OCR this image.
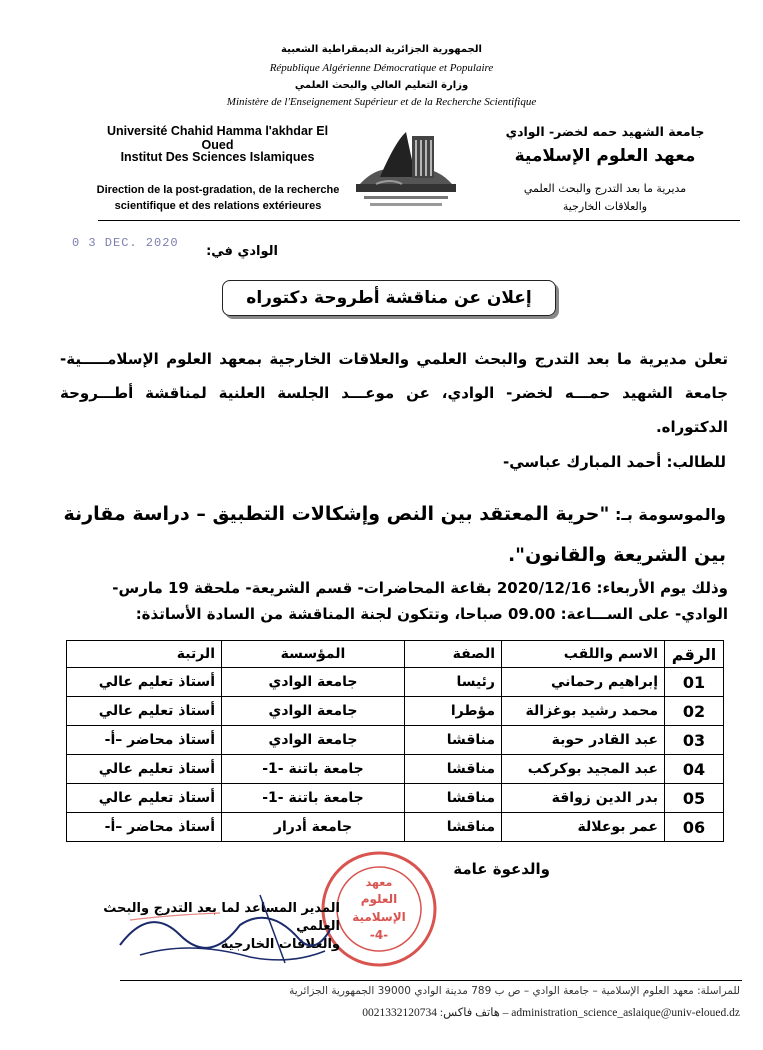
الجمهورية الجزائرية الديمقراطية الشعبية
République Algérienne Démocratique et Populaire
وزارة التعليم العالي والبحث العلمي
Ministère de l'Enseignement Supérieur et de la Recherche Scientifique
Université Chahid Hamma l'akhdar El Oued
Institut Des Sciences Islamiques
Direction de la post-gradation, de la recherche scientifique et des relations extérieures
جامعة الشهيد حمه لخضر- الوادي
معهد العلوم الإسلامية
مديرية ما بعد التدرج والبحث العلمي
والعلاقات الخارجية
0 3 DEC. 2020
الوادي في:
إعلان عن مناقشة أطروحة دكتوراه
تعلن مديرية ما بعد التدرج والبحث العلمي والعلاقات الخارجية بمعهد العلوم الإسلامـــــية- جامعة الشهيد حمـــه لخضر- الوادي، عن موعـــد الجلسة العلنية لمناقشة أطـــروحة الدكتوراه.
للطالب: أحمد المبارك عباسي-
والموسومة بـ: "حرية المعتقد بين النص وإشكالات التطبيق – دراسة مقارنة بين الشريعة والقانون".
وذلك يوم الأربعاء: 2020/12/16 بقاعة المحاضرات- قسم الشريعة- ملحقة 19 مارس- الوادي- على الســـاعة: 09.00 صباحا، وتتكون لجنة المناقشة من السادة الأساتذة:
الرقم	الاسم واللقب	الصفة	المؤسسة	الرتبة
01	إبراهيم رحماني	رئيسا	جامعة الوادي	أستاذ تعليم عالي
02	محمد رشيد بوغزالة	مؤطرا	جامعة الوادي	أستاذ تعليم عالي
03	عبد القادر حوبة	مناقشا	جامعة الوادي	أستاذ محاضر –أ-
04	عبد المجيد بوكركب	مناقشا	جامعة باتنة -1-	أستاذ تعليم عالي
05	بدر الدين زواقة	مناقشا	جامعة باتنة -1-	أستاذ تعليم عالي
06	عمر بوعلالة	مناقشا	جامعة أدرار	أستاذ محاضر –أ-
والدعوة عامة
معهد
العلوم
الإسلامية
-4-
المدير المساعد لما بعد التدرج والبحث العلمي
والعلاقات الخارجية
للمراسلة: معهد العلوم الإسلامية – جامعة الوادي – ص ب 789 مدينة الوادي 39000 الجمهورية الجزائرية
هاتف فاكس: 0021332120734 – administration_science_aslaique@univ-eloued.dz
